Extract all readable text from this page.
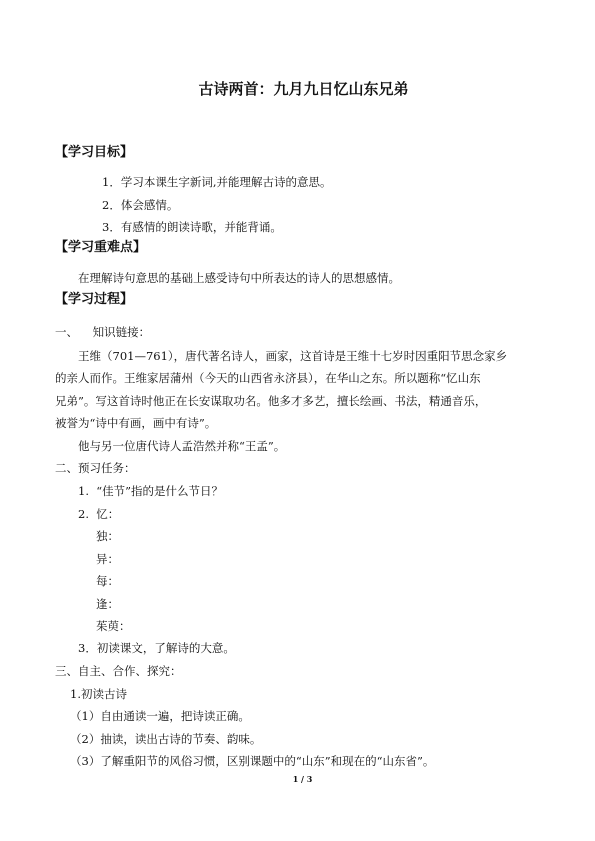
古诗两首：九月九日忆山东兄弟
【学习目标】
1．学习本课生字新词,并能理解古诗的意思。
2．体会感情。
3．有感情的朗读诗歌，并能背诵。
【学习重难点】
在理解诗句意思的基础上感受诗句中所表达的诗人的思想感情。
【学习过程】
一、    知识链接：
王维（701—761），唐代著名诗人，画家，这首诗是王维十七岁时因重阳节思念家乡
的亲人而作。王维家居蒲州（今天的山西省永济县），在华山之东。所以题称“忆山东
兄弟”。写这首诗时他正在长安谋取功名。他多才多艺，擅长绘画、书法，精通音乐，
被誉为“诗中有画，画中有诗”。
他与另一位唐代诗人孟浩然并称“王孟”。
二、预习任务：
1.  “佳节”指的是什么节日？
2.  忆：
独：
异：
每：
逢：
茱萸：
3．初读课文，了解诗的大意。
三、自主、合作、探究：
1.初读古诗
（1）自由通读一遍，把诗读正确。
（2）抽读，读出古诗的节奏、韵味。
（3）了解重阳节的风俗习惯，区别课题中的“山东”和现在的“山东省”。
1 / 3
